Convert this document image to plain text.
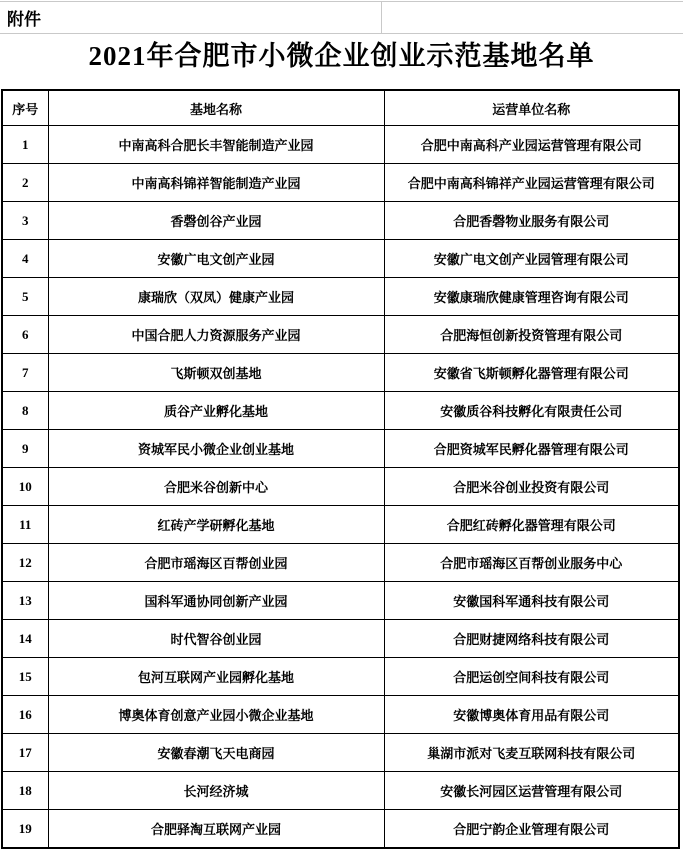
附件
2021年合肥市小微企业创业示范基地名单
序号	基地名称	运营单位名称
1	中南高科合肥长丰智能制造产业园	合肥中南高科产业园运营管理有限公司
2	中南高科锦祥智能制造产业园	合肥中南高科锦祥产业园运营管理有限公司
3	香磬创谷产业园	合肥香磬物业服务有限公司
4	安徽广电文创产业园	安徽广电文创产业园管理有限公司
5	康瑞欣（双凤）健康产业园	安徽康瑞欣健康管理咨询有限公司
6	中国合肥人力资源服务产业园	合肥海恒创新投资管理有限公司
7	飞斯顿双创基地	安徽省飞斯顿孵化器管理有限公司
8	质谷产业孵化基地	安徽质谷科技孵化有限责任公司
9	资城军民小微企业创业基地	合肥资城军民孵化器管理有限公司
10	合肥米谷创新中心	合肥米谷创业投资有限公司
11	红砖产学研孵化基地	合肥红砖孵化器管理有限公司
12	合肥市瑶海区百帮创业园	合肥市瑶海区百帮创业服务中心
13	国科军通协同创新产业园	安徽国科军通科技有限公司
14	时代智谷创业园	合肥财捷网络科技有限公司
15	包河互联网产业园孵化基地	合肥运创空间科技有限公司
16	博奥体育创意产业园小微企业基地	安徽博奥体育用品有限公司
17	安徽春潮飞天电商园	巢湖市派对飞麦互联网科技有限公司
18	长河经济城	安徽长河园区运营管理有限公司
19	合肥驿淘互联网产业园	合肥宁韵企业管理有限公司
